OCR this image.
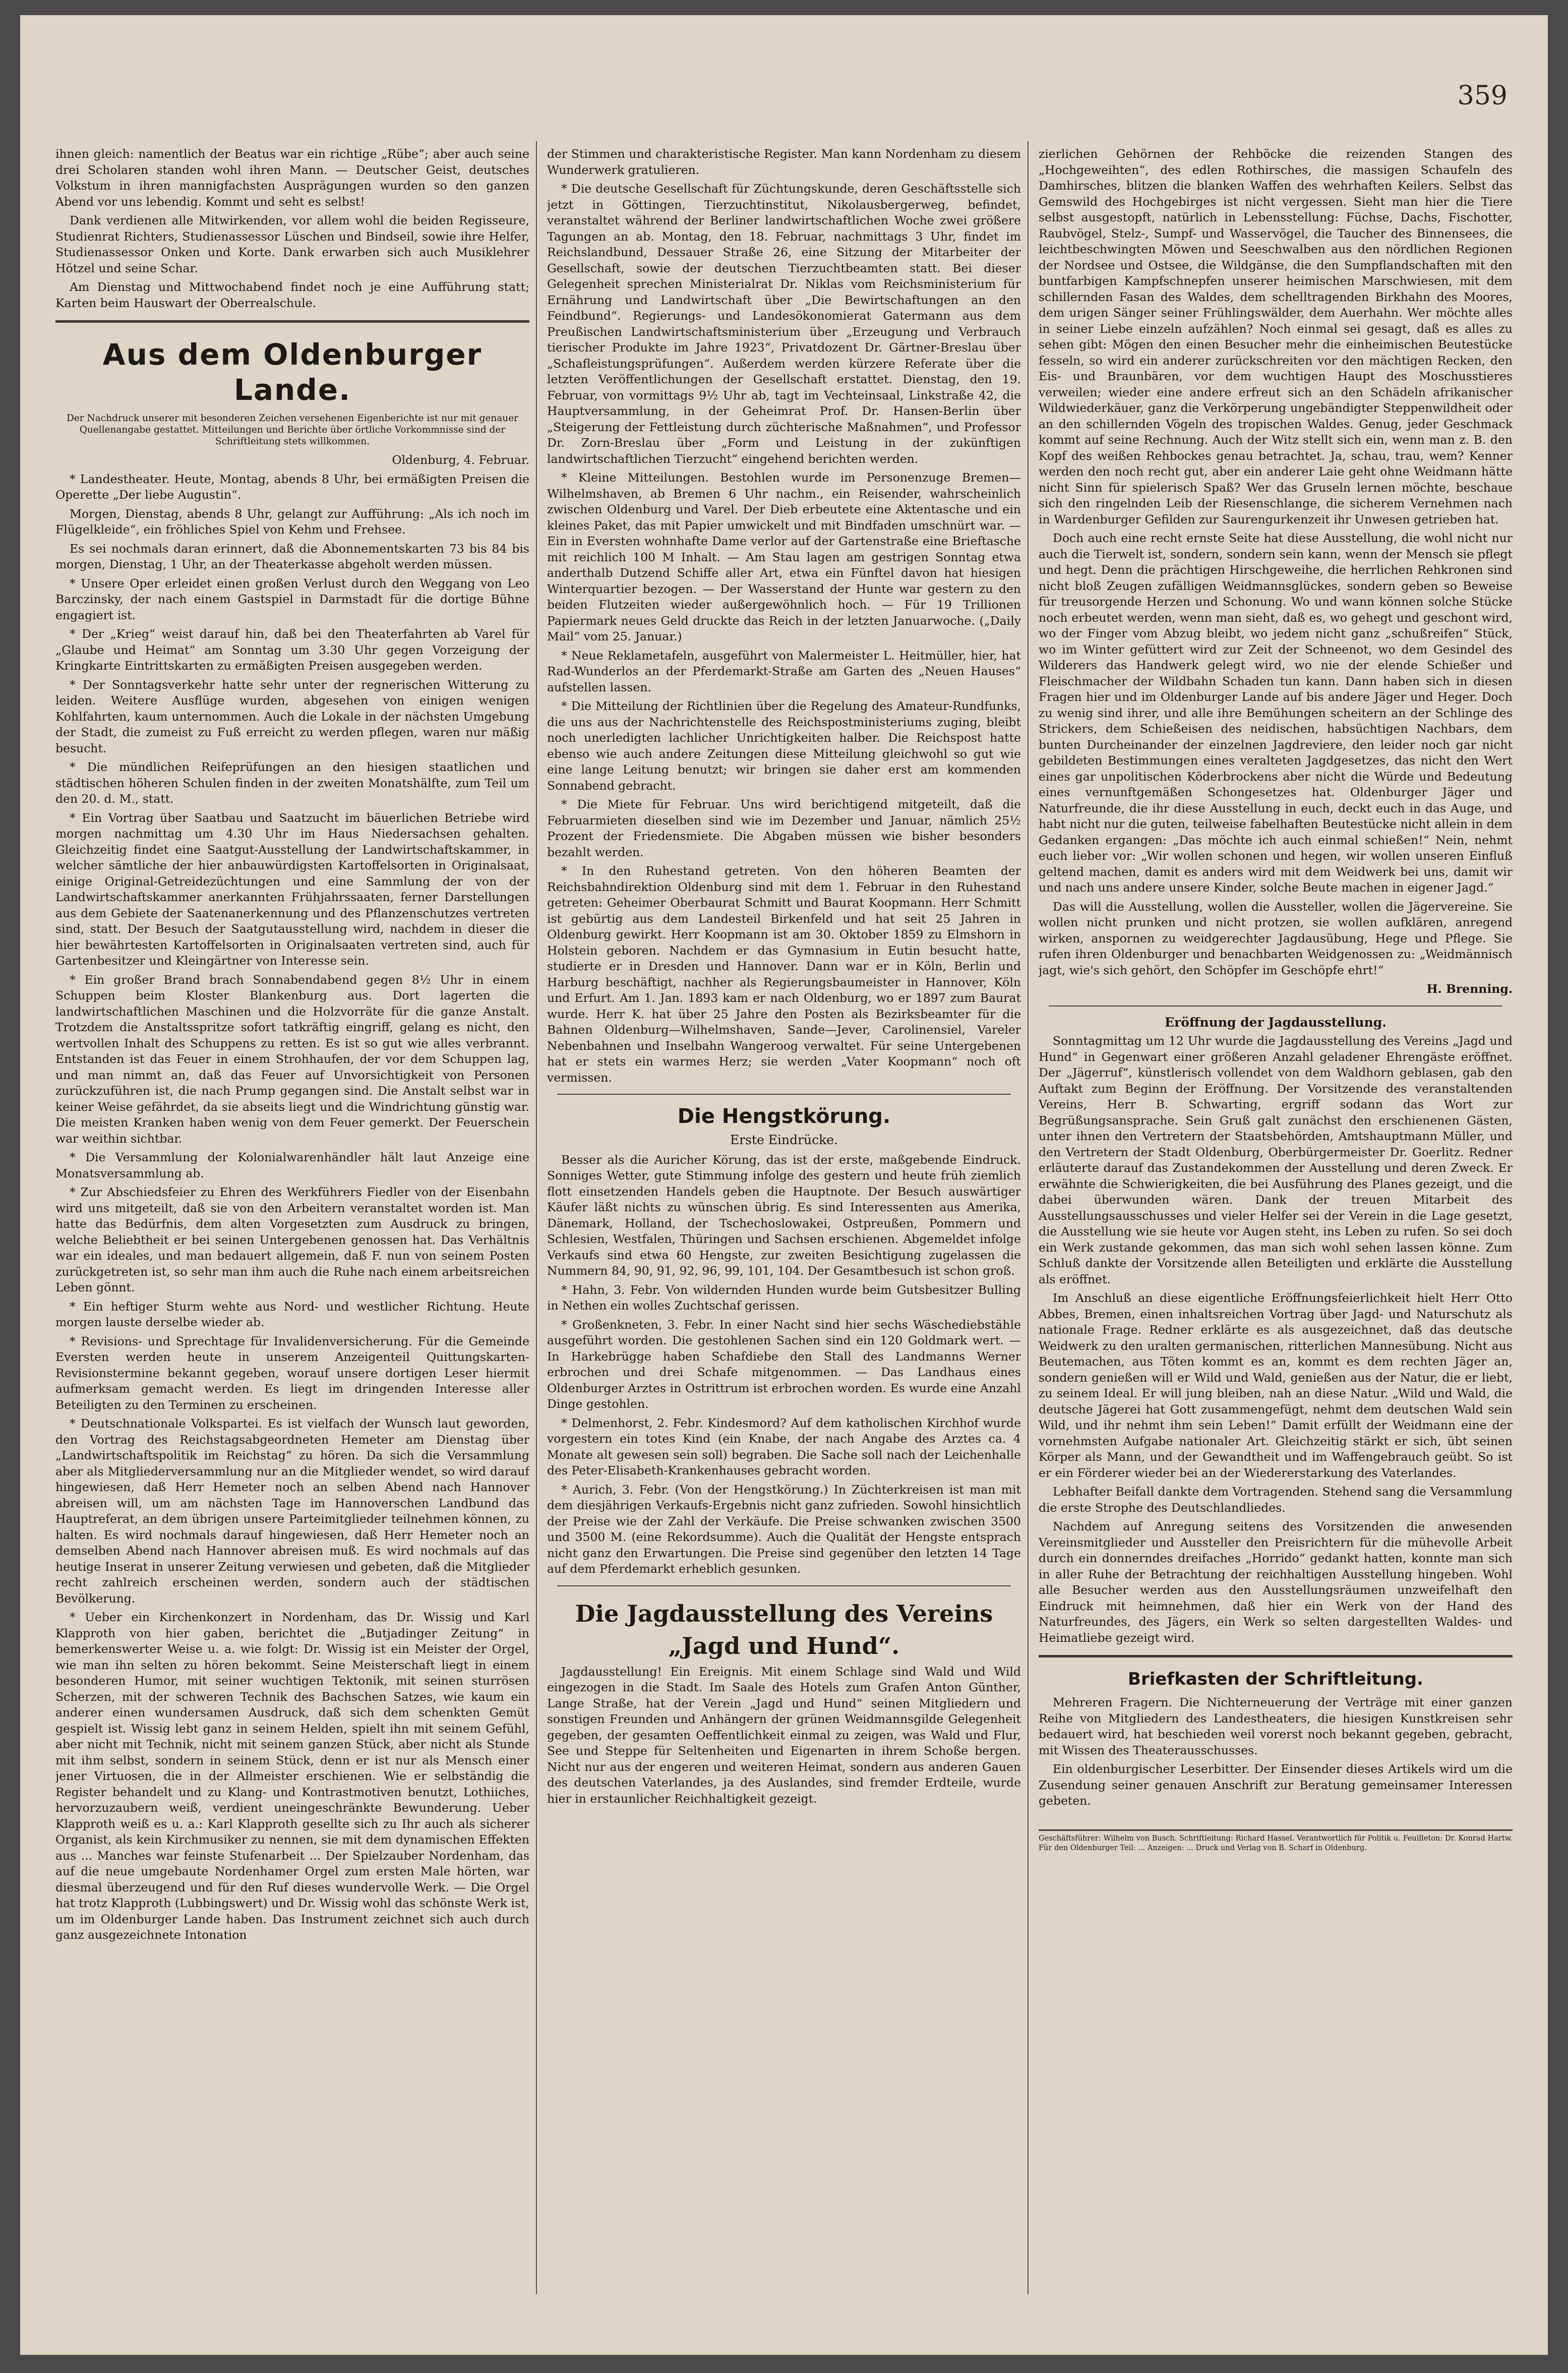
359

ihnen gleich: namentlich der Beatus war ein richtige „Rübe“; aber auch seine drei Scholaren standen wohl ihren Mann. — Deutscher Geist, deutsches Volkstum in ihren mannigfachsten Ausprägungen wurden so den ganzen Abend vor uns lebendig. Kommt und seht es selbst!

Dank verdienen alle Mitwirkenden, vor allem wohl die beiden Regisseure, Studienrat Richters, Studienassessor Lüschen und Bindseil, sowie ihre Helfer, Studienassessor Onken und Korte. Dank erwarben sich auch Musiklehrer Hötzel und seine Schar.

Am Dienstag und Mittwochabend findet noch je eine Aufführung statt; Karten beim Hauswart der Oberrealschule.

Aus dem Oldenburger Lande.
Der Nachdruck unserer mit besonderen Zeichen versehenen Eigenberichte ist nur mit genauer Quellenangabe gestattet. Mitteilungen und Berichte über örtliche Vorkommnisse sind der Schriftleitung stets willkommen.
Oldenburg, 4. Februar.

* Landestheater. Heute, Montag, abends 8 Uhr, bei ermäßigten Preisen die Operette „Der liebe Augustin“.

Morgen, Dienstag, abends 8 Uhr, gelangt zur Aufführung: „Als ich noch im Flügelkleide“, ein fröhliches Spiel von Kehm und Frehsee.

Es sei nochmals daran erinnert, daß die Abonnementskarten 73 bis 84 bis morgen, Dienstag, 1 Uhr, an der Theaterkasse abgeholt werden müssen.

* Unsere Oper erleidet einen großen Verlust durch den Weggang von Leo Barczinsky, der nach einem Gastspiel in Darmstadt für die dortige Bühne engagiert ist.

* Der „Krieg“ weist darauf hin, daß bei den Theaterfahrten ab Varel für „Glaube und Heimat“ am Sonntag um 3.30 Uhr gegen Vorzeigung der Kringkarte Eintrittskarten zu ermäßigten Preisen ausgegeben werden.

* Der Sonntagsverkehr hatte sehr unter der regnerischen Witterung zu leiden. Weitere Ausflüge wurden, abgesehen von einigen wenigen Kohlfahrten, kaum unternommen. Auch die Lokale in der nächsten Umgebung der Stadt, die zumeist zu Fuß erreicht zu werden pflegen, waren nur mäßig besucht.

* Die mündlichen Reifeprüfungen an den hiesigen staatlichen und städtischen höheren Schulen finden in der zweiten Monatshälfte, zum Teil um den 20. d. M., statt.

* Ein Vortrag über Saatbau und Saatzucht im bäuerlichen Betriebe wird morgen nachmittag um 4.30 Uhr im Haus Niedersachsen gehalten. Gleichzeitig findet eine Saatgut-Ausstellung der Landwirtschaftskammer, in welcher sämtliche der hier anbauwürdigsten Kartoffelsorten in Originalsaat, einige Original-Getreidezüchtungen und eine Sammlung der von der Landwirtschaftskammer anerkannten Frühjahrssaaten, ferner Darstellungen aus dem Gebiete der Saatenanerkennung und des Pflanzenschutzes vertreten sind, statt. Der Besuch der Saatgutausstellung wird, nachdem in dieser die hier bewährtesten Kartoffelsorten in Originalsaaten vertreten sind, auch für Gartenbesitzer und Kleingärtner von Interesse sein.

* Ein großer Brand brach Sonnabendabend gegen 8½ Uhr in einem Schuppen beim Kloster Blankenburg aus. Dort lagerten die landwirtschaftlichen Maschinen und die Holzvorräte für die ganze Anstalt. Trotzdem die Anstaltsspritze sofort tatkräftig eingriff, gelang es nicht, den wertvollen Inhalt des Schuppens zu retten. Es ist so gut wie alles verbrannt. Entstanden ist das Feuer in einem Strohhaufen, der vor dem Schuppen lag, und man nimmt an, daß das Feuer auf Unvorsichtigkeit von Personen zurückzuführen ist, die nach Prump gegangen sind. Die Anstalt selbst war in keiner Weise gefährdet, da sie abseits liegt und die Windrichtung günstig war. Die meisten Kranken haben wenig von dem Feuer gemerkt. Der Feuerschein war weithin sichtbar.

* Die Versammlung der Kolonialwarenhändler hält laut Anzeige eine Monatsversammlung ab.

* Zur Abschiedsfeier zu Ehren des Werkführers Fiedler von der Eisenbahn wird uns mitgeteilt, daß sie von den Arbeitern veranstaltet worden ist. Man hatte das Bedürfnis, dem alten Vorgesetzten zum Ausdruck zu bringen, welche Beliebtheit er bei seinen Untergebenen genossen hat. Das Verhältnis war ein ideales, und man bedauert allgemein, daß F. nun von seinem Posten zurückgetreten ist, so sehr man ihm auch die Ruhe nach einem arbeitsreichen Leben gönnt.

* Ein heftiger Sturm wehte aus Nord- und westlicher Richtung. Heute morgen lauste derselbe wieder ab.

* Revisions- und Sprechtage für Invalidenversicherung. Für die Gemeinde Eversten werden heute in unserem Anzeigenteil Quittungskarten-Revisionstermine bekannt gegeben, worauf unsere dortigen Leser hiermit aufmerksam gemacht werden. Es liegt im dringenden Interesse aller Beteiligten zu den Terminen zu erscheinen.

* Deutschnationale Volkspartei. Es ist vielfach der Wunsch laut geworden, den Vortrag des Reichstagsabgeordneten Hemeter am Dienstag über „Landwirtschaftspolitik im Reichstag“ zu hören. Da sich die Versammlung aber als Mitgliederversammlung nur an die Mitglieder wendet, so wird darauf hingewiesen, daß Herr Hemeter noch an selben Abend nach Hannover abreisen will, um am nächsten Tage im Hannoverschen Landbund das Hauptreferat, an dem übrigen unsere Parteimitglieder teilnehmen können, zu halten. Es wird nochmals darauf hingewiesen, daß Herr Hemeter noch an demselben Abend nach Hannover abreisen muß. Es wird nochmals auf das heutige Inserat in unserer Zeitung verwiesen und gebeten, daß die Mitglieder recht zahlreich erscheinen werden, sondern auch der städtischen Bevölkerung.

* Ueber ein Kirchenkonzert in Nordenham, das Dr. Wissig und Karl Klapproth von hier gaben, berichtet die „Butjadinger Zeitung“ in bemerkenswerter Weise u. a. wie folgt: Dr. Wissig ist ein Meister der Orgel, wie man ihn selten zu hören bekommt. Seine Meisterschaft liegt in einem besonderen Humor, mit seiner wuchtigen Tektonik, mit seinen sturrösen Scherzen, mit der schweren Technik des Bachschen Satzes, wie kaum ein anderer einen wundersamen Ausdruck, daß sich dem schenkten Gemüt gespielt ist. Wissig lebt ganz in seinem Helden, spielt ihn mit seinem Gefühl, aber nicht mit Technik, nicht mit seinem ganzen Stück, aber nicht als Stunde mit ihm selbst, sondern in seinem Stück, denn er ist nur als Mensch einer jener Virtuosen, die in der Allmeister erschienen. Wie er selbständig die Register behandelt und zu Klang- und Kontrastmotiven benutzt, Lothiiches, hervorzuzaubern weiß, verdient uneingeschränkte Bewunderung. Ueber Klapproth weiß es u. a.: Karl Klapproth gesellte sich zu Ihr auch als sicherer Organist, als kein Kirchmusiker zu nennen, sie mit dem dynamischen Effekten aus ... Manches war feinste Stufenarbeit ... Der Spielzauber Nordenham, das auf die neue umgebaute Nordenhamer Orgel zum ersten Male hörten, war diesmal überzeugend und für den Ruf dieses wundervolle Werk. — Die Orgel hat trotz Klapproth (Lubbingswert) und Dr. Wissig wohl das schönste Werk ist, um im Oldenburger Lande haben. Das Instrument zeichnet sich auch durch ganz ausgezeichnete Intonation

der Stimmen und charakteristische Register. Man kann Nordenham zu diesem Wunderwerk gratulieren.

* Die deutsche Gesellschaft für Züchtungskunde, deren Geschäftsstelle sich jetzt in Göttingen, Tierzuchtinstitut, Nikolausbergerweg, befindet, veranstaltet während der Berliner landwirtschaftlichen Woche zwei größere Tagungen an ab. Montag, den 18. Februar, nachmittags 3 Uhr, findet im Reichslandbund, Dessauer Straße 26, eine Sitzung der Mitarbeiter der Gesellschaft, sowie der deutschen Tierzuchtbeamten statt. Bei dieser Gelegenheit sprechen Ministerialrat Dr. Niklas vom Reichsministerium für Ernährung und Landwirtschaft über „Die Bewirtschaftungen an den Feindbund“. Regierungs- und Landesökonomierat Gatermann aus dem Preußischen Landwirtschaftsministerium über „Erzeugung und Verbrauch tierischer Produkte im Jahre 1923“, Privatdozent Dr. Gärtner-Breslau über „Schafleistungsprüfungen“. Außerdem werden kürzere Referate über die letzten Veröffentlichungen der Gesellschaft erstattet. Dienstag, den 19. Februar, von vormittags 9½ Uhr ab, tagt im Vechteinsaal, Linkstraße 42, die Hauptversammlung, in der Geheimrat Prof. Dr. Hansen-Berlin über „Steigerung der Fettleistung durch züchterische Maßnahmen“, und Professor Dr. Zorn-Breslau über „Form und Leistung in der zukünftigen landwirtschaftlichen Tierzucht“ eingehend berichten werden.

* Kleine Mitteilungen. Bestohlen wurde im Personenzuge Bremen—Wilhelmshaven, ab Bremen 6 Uhr nachm., ein Reisender, wahrscheinlich zwischen Oldenburg und Varel. Der Dieb erbeutete eine Aktentasche und ein kleines Paket, das mit Papier umwickelt und mit Bindfaden umschnürt war. — Ein in Eversten wohnhafte Dame verlor auf der Gartenstraße eine Brieftasche mit reichlich 100 M Inhalt. — Am Stau lagen am gestrigen Sonntag etwa anderthalb Dutzend Schiffe aller Art, etwa ein Fünftel davon hat hiesigen Winterquartier bezogen. — Der Wasserstand der Hunte war gestern zu den beiden Flutzeiten wieder außergewöhnlich hoch. — Für 19 Trillionen Papiermark neues Geld druckte das Reich in der letzten Januarwoche. („Daily Mail“ vom 25. Januar.)

* Neue Reklametafeln, ausgeführt von Malermeister L. Heitmüller, hier, hat Rad-Wunderlos an der Pferdemarkt-Straße am Garten des „Neuen Hauses“ aufstellen lassen.

* Die Mitteilung der Richtlinien über die Regelung des Amateur-Rundfunks, die uns aus der Nachrichtenstelle des Reichspostministeriums zuging, bleibt noch unerledigten lachlicher Unrichtigkeiten halber. Die Reichspost hatte ebenso wie auch andere Zeitungen diese Mitteilung gleichwohl so gut wie eine lange Leitung benutzt; wir bringen sie daher erst am kommenden Sonnabend gebracht.

* Die Miete für Februar. Uns wird berichtigend mitgeteilt, daß die Februarmieten dieselben sind wie im Dezember und Januar, nämlich 25½ Prozent der Friedensmiete. Die Abgaben müssen wie bisher besonders bezahlt werden.

* In den Ruhestand getreten. Von den höheren Beamten der Reichsbahndirektion Oldenburg sind mit dem 1. Februar in den Ruhestand getreten: Geheimer Oberbaurat Schmitt und Baurat Koopmann. Herr Schmitt ist gebürtig aus dem Landesteil Birkenfeld und hat seit 25 Jahren in Oldenburg gewirkt. Herr Koopmann ist am 30. Oktober 1859 zu Elmshorn in Holstein geboren. Nachdem er das Gymnasium in Eutin besucht hatte, studierte er in Dresden und Hannover. Dann war er in Köln, Berlin und Harburg beschäftigt, nachher als Regierungsbaumeister in Hannover, Köln und Erfurt. Am 1. Jan. 1893 kam er nach Oldenburg, wo er 1897 zum Baurat wurde. Herr K. hat über 25 Jahre den Posten als Bezirksbeamter für die Bahnen Oldenburg—Wilhelmshaven, Sande—Jever, Carolinensiel, Vareler Nebenbahnen und Inselbahn Wangeroog verwaltet. Für seine Untergebenen hat er stets ein warmes Herz; sie werden „Vater Koopmann“ noch oft vermissen.

Die Hengstkörung.
Erste Eindrücke.

Besser als die Auricher Körung, das ist der erste, maßgebende Eindruck. Sonniges Wetter, gute Stimmung infolge des gestern und heute früh ziemlich flott einsetzenden Handels geben die Hauptnote. Der Besuch auswärtiger Käufer läßt nichts zu wünschen übrig. Es sind Interessenten aus Amerika, Dänemark, Holland, der Tschechoslowakei, Ostpreußen, Pommern und Schlesien, Westfalen, Thüringen und Sachsen erschienen. Abgemeldet infolge Verkaufs sind etwa 60 Hengste, zur zweiten Besichtigung zugelassen die Nummern 84, 90, 91, 92, 96, 99, 101, 104. Der Gesamtbesuch ist schon groß.

* Hahn, 3. Febr. Von wildernden Hunden wurde beim Gutsbesitzer Bulling in Nethen ein wolles Zuchtschaf gerissen.

* Großenkneten, 3. Febr. In einer Nacht sind hier sechs Wäschediebstähle ausgeführt worden. Die gestohlenen Sachen sind ein 120 Goldmark wert. — In Harkebrügge haben Schafdiebe den Stall des Landmanns Werner erbrochen und drei Schafe mitgenommen. — Das Landhaus eines Oldenburger Arztes in Ostrittrum ist erbrochen worden. Es wurde eine Anzahl Dinge gestohlen.

* Delmenhorst, 2. Febr. Kindesmord? Auf dem katholischen Kirchhof wurde vorgestern ein totes Kind (ein Knabe, der nach Angabe des Arztes ca. 4 Monate alt gewesen sein soll) begraben. Die Sache soll nach der Leichenhalle des Peter-Elisabeth-Krankenhauses gebracht worden.

* Aurich, 3. Febr. (Von der Hengstkörung.) In Züchterkreisen ist man mit dem diesjährigen Verkaufs-Ergebnis nicht ganz zufrieden. Sowohl hinsichtlich der Preise wie der Zahl der Verkäufe. Die Preise schwanken zwischen 3500 und 3500 M. (eine Rekordsumme). Auch die Qualität der Hengste entsprach nicht ganz den Erwartungen. Die Preise sind gegenüber den letzten 14 Tage auf dem Pferdemarkt erheblich gesunken.

Die Jagdausstellung des Vereins
„Jagd und Hund“.

Jagdausstellung! Ein Ereignis. Mit einem Schlage sind Wald und Wild eingezogen in die Stadt. Im Saale des Hotels zum Grafen Anton Günther, Lange Straße, hat der Verein „Jagd und Hund“ seinen Mitgliedern und sonstigen Freunden und Anhängern der grünen Weidmannsgilde Gelegenheit gegeben, der gesamten Oeffentlichkeit einmal zu zeigen, was Wald und Flur, See und Steppe für Seltenheiten und Eigenarten in ihrem Schoße bergen. Nicht nur aus der engeren und weiteren Heimat, sondern aus anderen Gauen des deutschen Vaterlandes, ja des Auslandes, sind fremder Erdteile, wurde hier in erstaunlicher Reichhaltigkeit gezeigt.

zierlichen Gehörnen der Rehböcke die reizenden Stangen des „Hochgeweihten“, des edlen Rothirsches, die massigen Schaufeln des Damhirsches, blitzen die blanken Waffen des wehrhaften Keilers. Selbst das Gemswild des Hochgebirges ist nicht vergessen. Sieht man hier die Tiere selbst ausgestopft, natürlich in Lebensstellung: Füchse, Dachs, Fischotter, Raubvögel, Stelz-, Sumpf- und Wasservögel, die Taucher des Binnensees, die leichtbeschwingten Möwen und Seeschwalben aus den nördlichen Regionen der Nordsee und Ostsee, die Wildgänse, die den Sumpflandschaften mit den buntfarbigen Kampfschnepfen unserer heimischen Marschwiesen, mit dem schillernden Fasan des Waldes, dem schelltragenden Birkhahn des Moores, dem urigen Sänger seiner Frühlingswälder, dem Auerhahn. Wer möchte alles in seiner Liebe einzeln aufzählen? Noch einmal sei gesagt, daß es alles zu sehen gibt: Mögen den einen Besucher mehr die einheimischen Beutestücke fesseln, so wird ein anderer zurückschreiten vor den mächtigen Recken, den Eis- und Braunbären, vor dem wuchtigen Haupt des Moschusstieres verweilen; wieder eine andere erfreut sich an den Schädeln afrikanischer Wildwiederkäuer, ganz die Verkörperung ungebändigter Steppenwildheit oder an den schillernden Vögeln des tropischen Waldes. Genug, jeder Geschmack kommt auf seine Rechnung. Auch der Witz stellt sich ein, wenn man z. B. den Kopf des weißen Rehbockes genau betrachtet. Ja, schau, trau, wem? Kenner werden den noch recht gut, aber ein anderer Laie geht ohne Weidmann hätte nicht Sinn für spielerisch Spaß? Wer das Gruseln lernen möchte, beschaue sich den ringelnden Leib der Riesenschlange, die sicherem Vernehmen nach in Wardenburger Gefilden zur Saurengurkenzeit ihr Unwesen getrieben hat.

Doch auch eine recht ernste Seite hat diese Ausstellung, die wohl nicht nur auch die Tierwelt ist, sondern, sondern sein kann, wenn der Mensch sie pflegt und hegt. Denn die prächtigen Hirschgeweihe, die herrlichen Rehkronen sind nicht bloß Zeugen zufälligen Weidmannsglückes, sondern geben so Beweise für treusorgende Herzen und Schonung. Wo und wann können solche Stücke noch erbeutet werden, wenn man sieht, daß es, wo gehegt und geschont wird, wo der Finger vom Abzug bleibt, wo jedem nicht ganz „schußreifen“ Stück, wo im Winter gefüttert wird zur Zeit der Schneenot, wo dem Gesindel des Wilderers das Handwerk gelegt wird, wo nie der elende Schießer und Fleischmacher der Wildbahn Schaden tun kann. Dann haben sich in diesen Fragen hier und im Oldenburger Lande auf bis andere Jäger und Heger. Doch zu wenig sind ihrer, und alle ihre Bemühungen scheitern an der Schlinge des Strickers, dem Schießeisen des neidischen, habsüchtigen Nachbars, dem bunten Durcheinander der einzelnen Jagdreviere, den leider noch gar nicht gebildeten Bestimmungen eines veralteten Jagdgesetzes, das nicht den Wert eines gar unpolitischen Köderbrockens aber nicht die Würde und Bedeutung eines vernunftgemäßen Schongesetzes hat. Oldenburger Jäger und Naturfreunde, die ihr diese Ausstellung in euch, deckt euch in das Auge, und habt nicht nur die guten, teilweise fabelhaften Beutestücke nicht allein in dem Gedanken ergangen: „Das möchte ich auch einmal schießen!“ Nein, nehmt euch lieber vor: „Wir wollen schonen und hegen, wir wollen unseren Einfluß geltend machen, damit es anders wird mit dem Weidwerk bei uns, damit wir und nach uns andere unsere Kinder, solche Beute machen in eigener Jagd.“

Das will die Ausstellung, wollen die Aussteller, wollen die Jägervereine. Sie wollen nicht prunken und nicht protzen, sie wollen aufklären, anregend wirken, anspornen zu weidgerechter Jagdausübung, Hege und Pflege. Sie rufen ihren Oldenburger und benachbarten Weidgenossen zu: „Weidmännisch jagt, wie's sich gehört, den Schöpfer im Geschöpfe ehrt!“

H. Brenning.
Eröffnung der Jagdausstellung.

Sonntagmittag um 12 Uhr wurde die Jagdausstellung des Vereins „Jagd und Hund“ in Gegenwart einer größeren Anzahl geladener Ehrengäste eröffnet. Der „Jägerruf“, künstlerisch vollendet von dem Waldhorn geblasen, gab den Auftakt zum Beginn der Eröffnung. Der Vorsitzende des veranstaltenden Vereins, Herr B. Schwarting, ergriff sodann das Wort zur Begrüßungsansprache. Sein Gruß galt zunächst den erschienenen Gästen, unter ihnen den Vertretern der Staatsbehörden, Amtshauptmann Müller, und den Vertretern der Stadt Oldenburg, Oberbürgermeister Dr. Goerlitz. Redner erläuterte darauf das Zustandekommen der Ausstellung und deren Zweck. Er erwähnte die Schwierigkeiten, die bei Ausführung des Planes gezeigt, und die dabei überwunden wären. Dank der treuen Mitarbeit des Ausstellungsausschusses und vieler Helfer sei der Verein in die Lage gesetzt, die Ausstellung wie sie heute vor Augen steht, ins Leben zu rufen. So sei doch ein Werk zustande gekommen, das man sich wohl sehen lassen könne. Zum Schluß dankte der Vorsitzende allen Beteiligten und erklärte die Ausstellung als eröffnet.

Im Anschluß an diese eigentliche Eröffnungsfeierlichkeit hielt Herr Otto Abbes, Bremen, einen inhaltsreichen Vortrag über Jagd- und Naturschutz als nationale Frage. Redner erklärte es als ausgezeichnet, daß das deutsche Weidwerk zu den uralten germanischen, ritterlichen Mannesübung. Nicht aus Beutemachen, aus Töten kommt es an, kommt es dem rechten Jäger an, sondern genießen will er Wild und Wald, genießen aus der Natur, die er liebt, zu seinem Ideal. Er will jung bleiben, nah an diese Natur. „Wild und Wald, die deutsche Jägerei hat Gott zusammengefügt, nehmt dem deutschen Wald sein Wild, und ihr nehmt ihm sein Leben!“ Damit erfüllt der Weidmann eine der vornehmsten Aufgabe nationaler Art. Gleichzeitig stärkt er sich, übt seinen Körper als Mann, und der Gewandtheit und im Waffengebrauch geübt. So ist er ein Förderer wieder bei an der Wiedererstarkung des Vaterlandes.

Lebhafter Beifall dankte dem Vortragenden. Stehend sang die Versammlung die erste Strophe des Deutschlandliedes.

Nachdem auf Anregung seitens des Vorsitzenden die anwesenden Vereinsmitglieder und Aussteller den Preisrichtern für die mühevolle Arbeit durch ein donnerndes dreifaches „Horrido“ gedankt hatten, konnte man sich in aller Ruhe der Betrachtung der reichhaltigen Ausstellung hingeben. Wohl alle Besucher werden aus den Ausstellungsräumen unzweifelhaft den Eindruck mit heimnehmen, daß hier ein Werk von der Hand des Naturfreundes, des Jägers, ein Werk so selten dargestellten Waldes- und Heimatliebe gezeigt wird.

Briefkasten der Schriftleitung.

Mehreren Fragern. Die Nichterneuerung der Verträge mit einer ganzen Reihe von Mitgliedern des Landestheaters, die hiesigen Kunstkreisen sehr bedauert wird, hat beschieden weil vorerst noch bekannt gegeben, gebracht, mit Wissen des Theaterausschusses.

Ein oldenburgischer Leserbitter. Der Einsender dieses Artikels wird um die Zusendung seiner genauen Anschrift zur Beratung gemeinsamer Interessen gebeten.

Geschäftsführer: Wilhelm von Busch. Schriftleitung: Richard Hassel. Verantwortlich für Politik u. Feuilleton: Dr. Konrad Hartw. Für den Oldenburger Teil: ... Anzeigen: ... Druck und Verlag von B. Scharf in Oldenburg.
